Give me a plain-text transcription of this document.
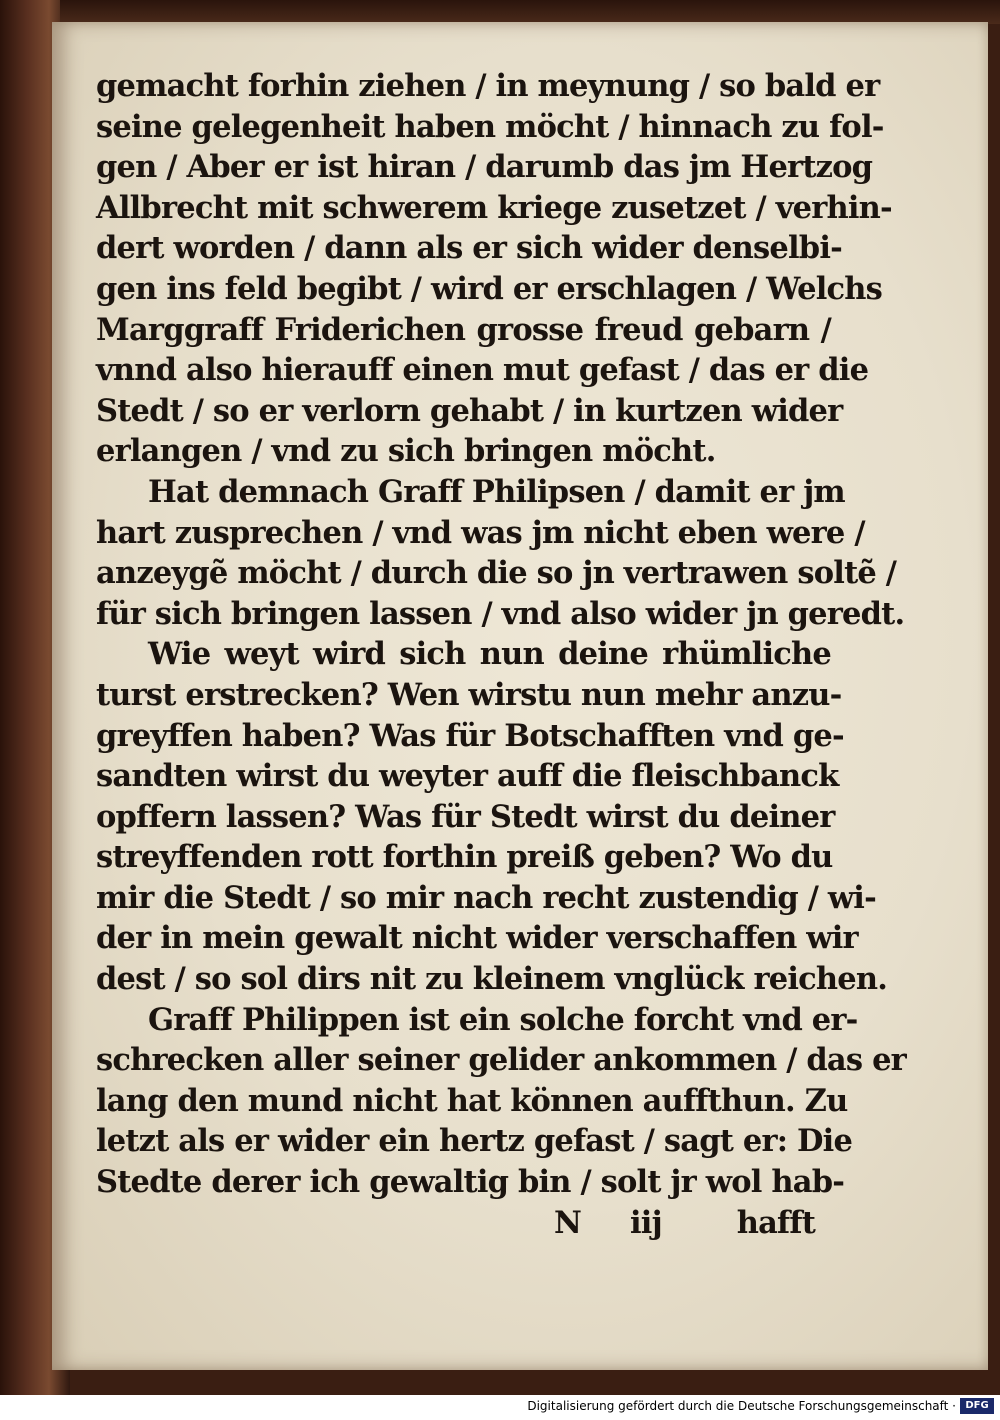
gemacht forhin ziehen / in meynung / so bald er
seine gelegenheit haben möcht / hinnach zu fol-
gen / Aber er ist hiran / darumb das jm Hertzog
Allbrecht mit schwerem kriege zusetzet / verhin-
dert worden / dann als er sich wider denselbi-
gen ins feld begibt / wird er erschlagen / Welchs
Marggraff Friderichen grosse freud gebarn /
vnnd also hierauff einen mut gefast / das er die
Stedt / so er verlorn gehabt / in kurtzen wider
erlangen / vnd zu sich bringen möcht.
Hat demnach Graff Philipsen / damit er jm
hart zusprechen / vnd was jm nicht eben were /
anzeygẽ möcht / durch die so jn vertrawen soltẽ /
für sich bringen lassen / vnd also wider jn geredt.
Wie weyt wird sich nun deine rhümliche
turst erstrecken? Wen wirstu nun mehr anzu-
greyffen haben? Was für Botschafften vnd ge-
sandten wirst du weyter auff die fleischbanck
opffern lassen? Was für Stedt wirst du deiner
streyffenden rott forthin preiß geben? Wo du
mir die Stedt / so mir nach recht zustendig / wi-
der in mein gewalt nicht wider verschaffen wir
dest / so sol dirs nit zu kleinem vnglück reichen.
Graff Philippen ist ein solche forcht vnd er-
schrecken aller seiner gelider ankommen / das er
lang den mund nicht hat können auffthun. Zu
letzt als er wider ein hertz gefast / sagt er: Die
Stedte derer ich gewaltig bin / solt jr wol hab-
N iij hafft
Digitalisierung gefördert durch die Deutsche Forschungsgemeinschaft · DFG
